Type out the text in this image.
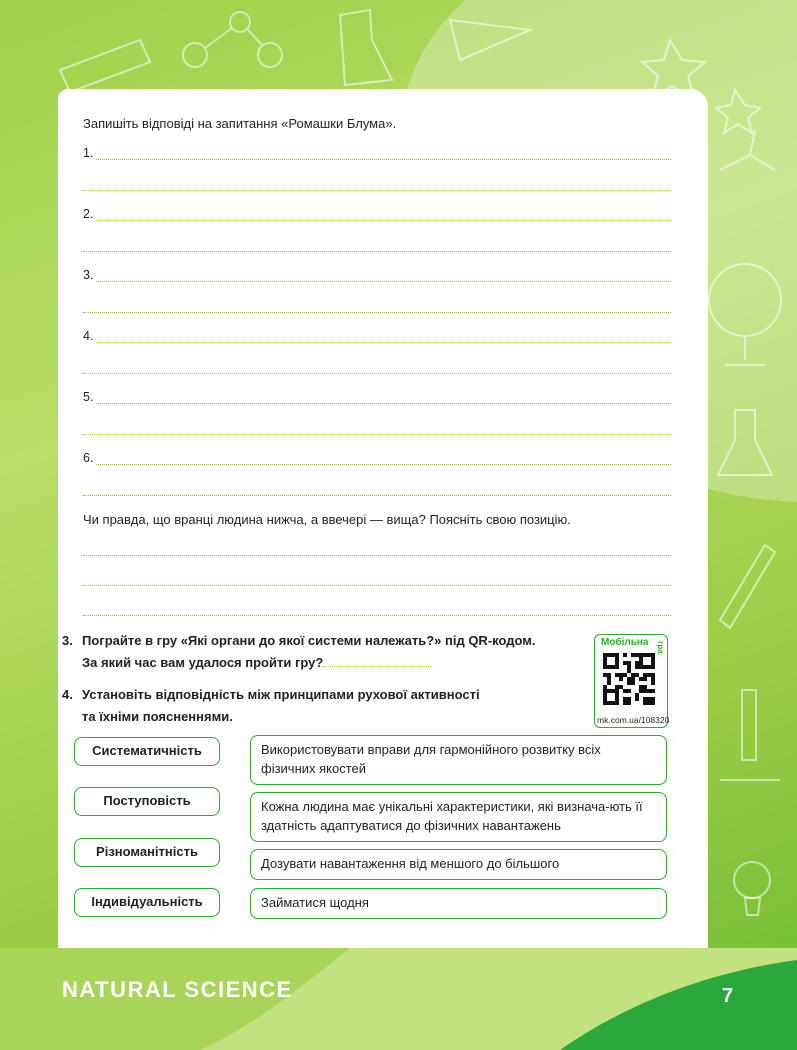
Запишіть відповіді на запитання «Ромашки Блума».
1.
2.
3.
4.
5.
6.
Чи правда, що вранці людина нижча, а ввечері — вища? Поясніть свою позицію.
3. Пограйте в гру «Які органи до якої системи належать?» під QR-кодом.
За який час вам удалося пройти гру?
4. Установіть відповідність між принципами рухової активності
та їхніми поясненнями.
Мобільна гра
mk.com.ua/108320
Систематичність
Поступовість
Різноманітність
Індивідуальність
Використовувати вправи для гармонійного розвитку всіх фізичних якостей
Кожна людина має унікальні характеристики, які визнача-ють її здатність адаптуватися до фізичних навантажень
Дозувати навантаження від меншого до більшого
Займатися щодня
NATURAL SCIENCE	7
